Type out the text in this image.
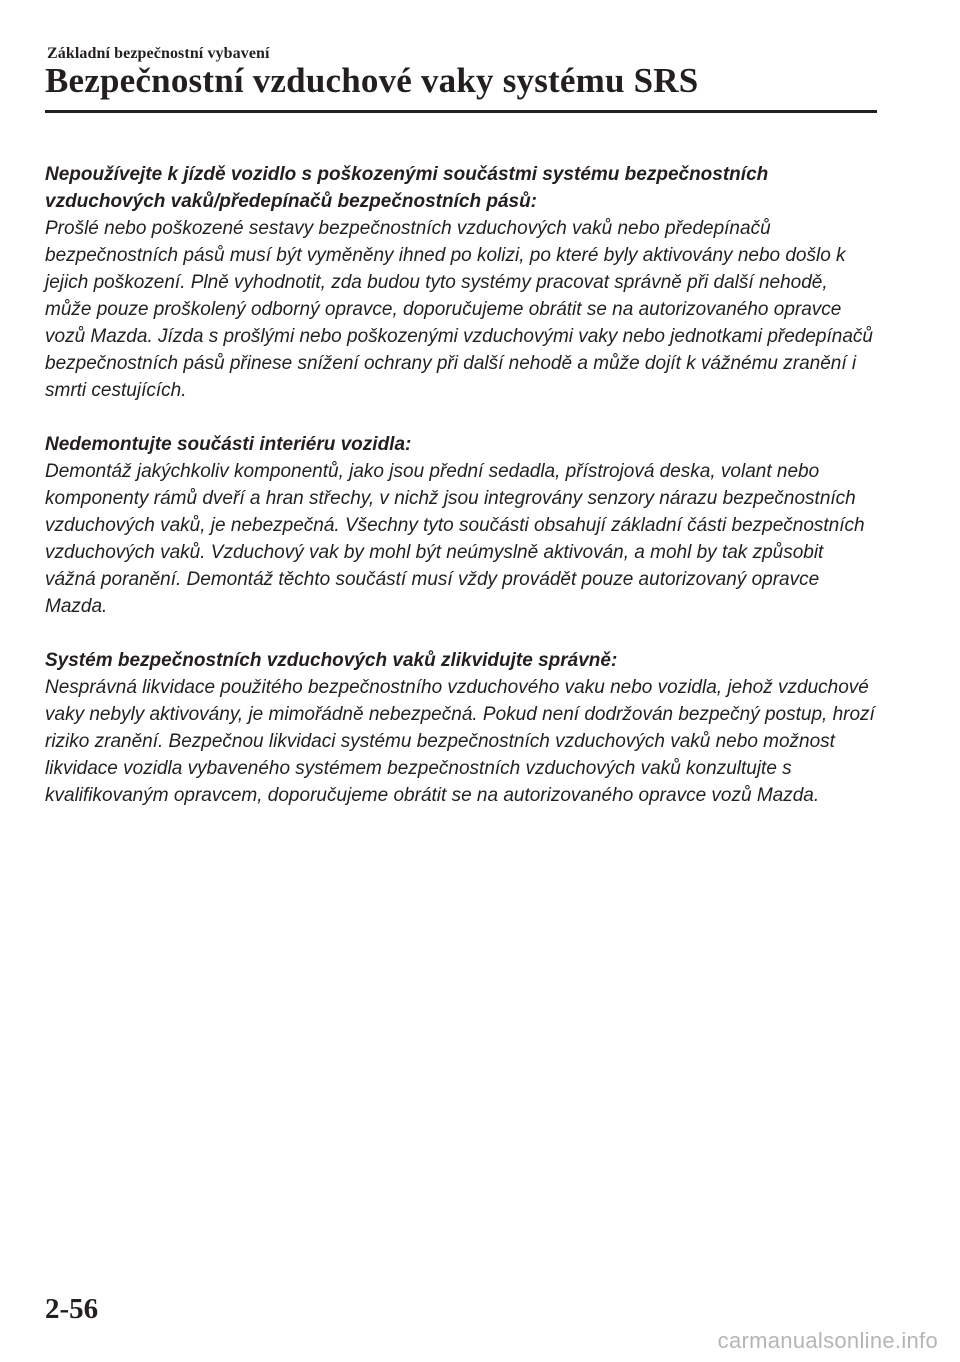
Základní bezpečnostní vybavení
Bezpečnostní vzduchové vaky systému SRS

Nepoužívejte k jízdě vozidlo s poškozenými součástmi systému bezpečnostních vzduchových vaků/předepínačů bezpečnostních pásů:

Prošlé nebo poškozené sestavy bezpečnostních vzduchových vaků nebo předepínačů bezpečnostních pásů musí být vyměněny ihned po kolizi, po které byly aktivovány nebo došlo k jejich poškození. Plně vyhodnotit, zda budou tyto systémy pracovat správně při další nehodě, může pouze proškolený odborný opravce, doporučujeme obrátit se na autorizovaného opravce vozů Mazda. Jízda s prošlými nebo poškozenými vzduchovými vaky nebo jednotkami předepínačů bezpečnostních pásů přinese snížení ochrany při další nehodě a může dojít k vážnému zranění i smrti cestujících.

Nedemontujte součásti interiéru vozidla:

Demontáž jakýchkoliv komponentů, jako jsou přední sedadla, přístrojová deska, volant nebo komponenty rámů dveří a hran střechy, v nichž jsou integrovány senzory nárazu bezpečnostních vzduchových vaků, je nebezpečná. Všechny tyto součásti obsahují základní části bezpečnostních vzduchových vaků. Vzduchový vak by mohl být neúmyslně aktivován, a mohl by tak způsobit vážná poranění. Demontáž těchto součástí musí vždy provádět pouze autorizovaný opravce Mazda.

Systém bezpečnostních vzduchových vaků zlikvidujte správně:

Nesprávná likvidace použitého bezpečnostního vzduchového vaku nebo vozidla, jehož vzduchové vaky nebyly aktivovány, je mimořádně nebezpečná. Pokud není dodržován bezpečný postup, hrozí riziko zranění. Bezpečnou likvidaci systému bezpečnostních vzduchových vaků nebo možnost likvidace vozidla vybaveného systémem bezpečnostních vzduchových vaků konzultujte s kvalifikovaným opravcem, doporučujeme obrátit se na autorizovaného opravce vozů Mazda.

2-56
carmanualsonline.info
